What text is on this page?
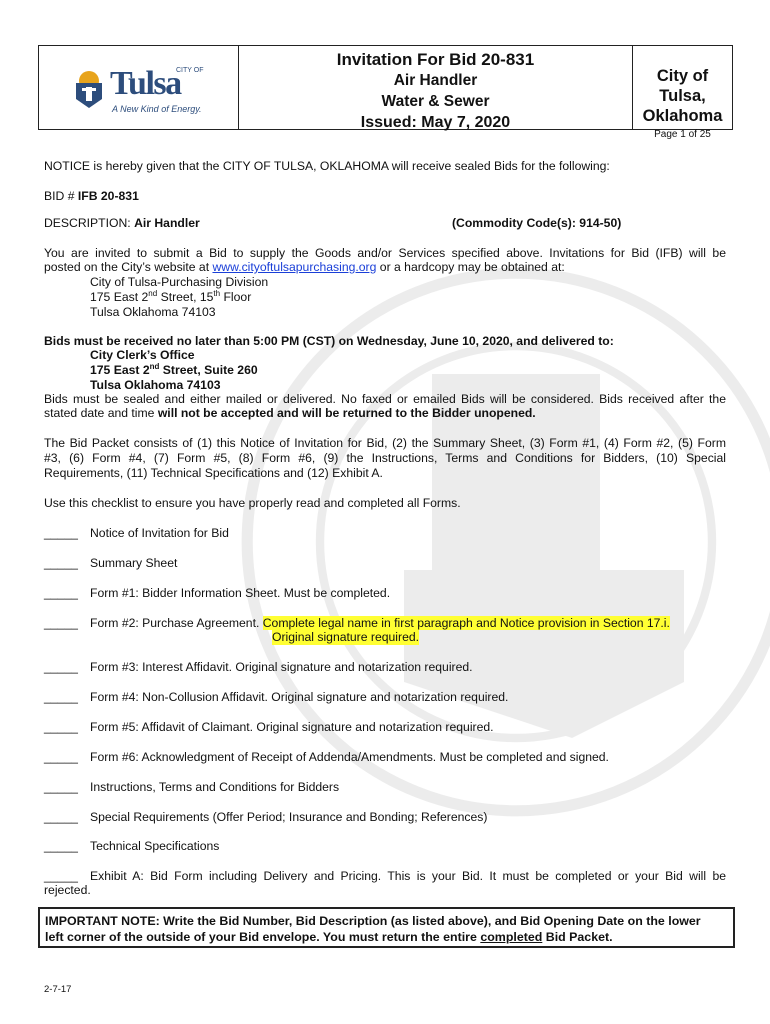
Tulsa
CITY OF
A New Kind of Energy.
Invitation For Bid 20-831
Air Handler
Water & Sewer
Issued: May 7, 2020
City of Tulsa,
Oklahoma
Page 1 of 25
NOTICE is hereby given that the CITY OF TULSA, OKLAHOMA will receive sealed Bids for the following:
BID # IFB 20-831
DESCRIPTION: Air Handler	(Commodity Code(s): 914-50)
You are invited to submit a Bid to supply the Goods and/or Services specified above. Invitations for Bid (IFB) will be
posted on the City’s website at www.cityoftulsapurchasing.org or a hardcopy may be obtained at:
City of Tulsa-Purchasing Division
175 East 2nd Street, 15th Floor
Tulsa Oklahoma 74103
Bids must be received no later than 5:00 PM (CST) on Wednesday, June 10, 2020, and delivered to:
City Clerk’s Office
175 East 2nd Street, Suite 260
Tulsa Oklahoma 74103
Bids must be sealed and either mailed or delivered. No faxed or emailed Bids will be considered. Bids received after the
stated date and time will not be accepted and will be returned to the Bidder unopened.
The Bid Packet consists of (1) this Notice of Invitation for Bid, (2) the Summary Sheet, (3) Form #1, (4) Form #2, (5) Form
#3, (6) Form #4, (7) Form #5, (8) Form #6, (9) the Instructions, Terms and Conditions for Bidders, (10) Special
Requirements, (11) Technical Specifications and (12) Exhibit A.
Use this checklist to ensure you have properly read and completed all Forms.
_____ Notice of Invitation for Bid
_____ Summary Sheet
_____ Form #1: Bidder Information Sheet. Must be completed.
_____ Form #2: Purchase Agreement. Complete legal name in first paragraph and Notice provision in Section 17.i.
Original signature required.
_____ Form #3: Interest Affidavit. Original signature and notarization required.
_____ Form #4: Non-Collusion Affidavit. Original signature and notarization required.
_____ Form #5: Affidavit of Claimant. Original signature and notarization required.
_____ Form #6: Acknowledgment of Receipt of Addenda/Amendments. Must be completed and signed.
_____ Instructions, Terms and Conditions for Bidders
_____ Special Requirements (Offer Period; Insurance and Bonding; References)
_____ Technical Specifications
_____ Exhibit A: Bid Form including Delivery and Pricing. This is your Bid. It must be completed or your Bid will be
rejected.
IMPORTANT NOTE: Write the Bid Number, Bid Description (as listed above), and Bid Opening Date on the lower
left corner of the outside of your Bid envelope. You must return the entire completed Bid Packet.
2-7-17
